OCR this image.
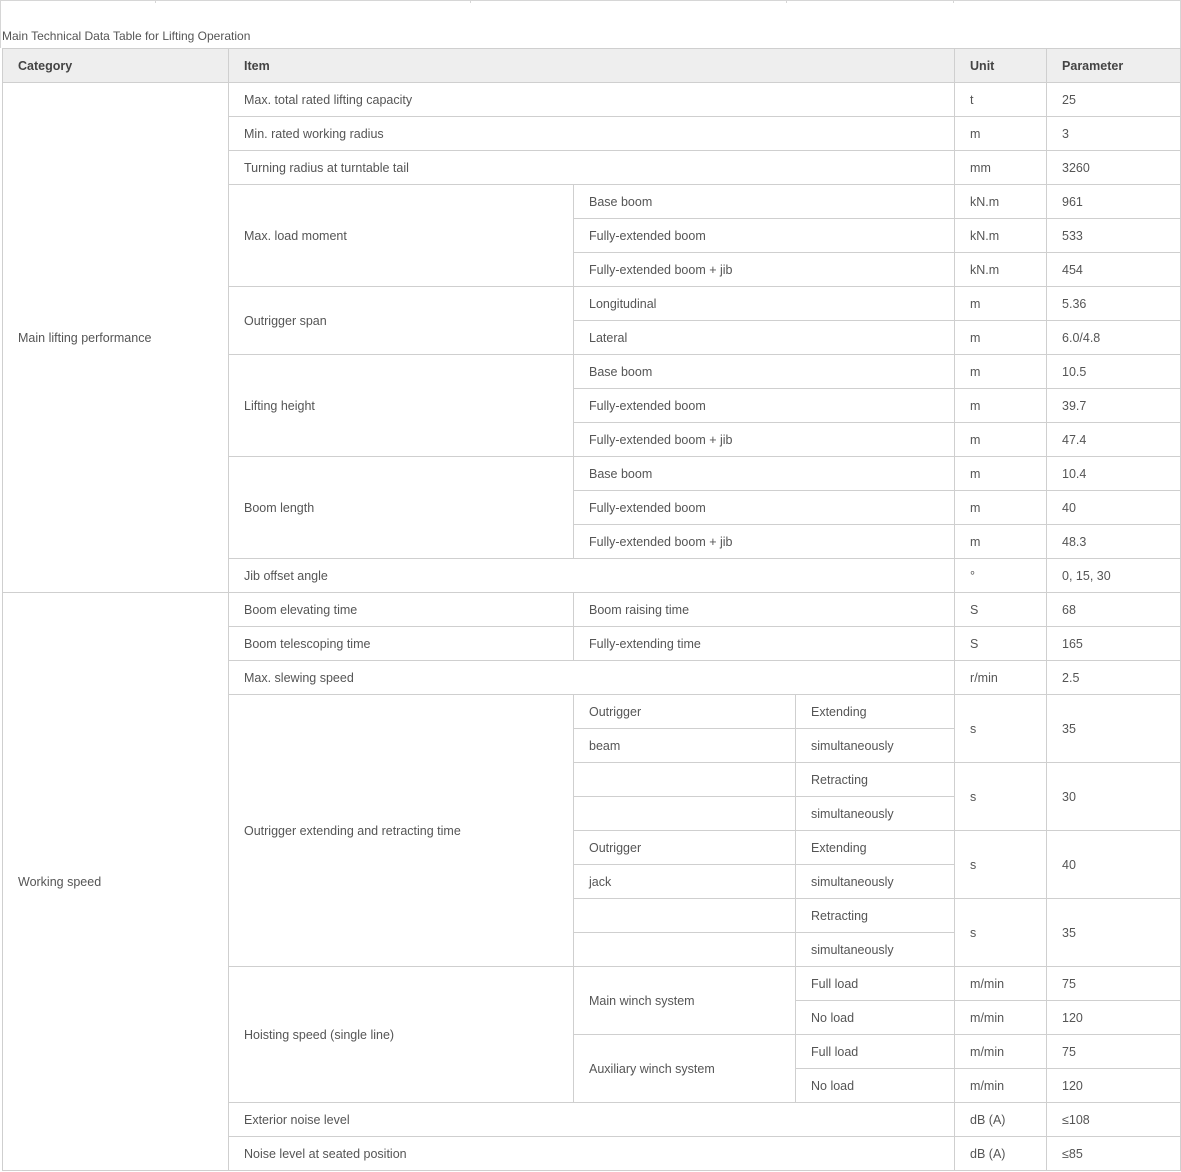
Main Technical Data Table for Lifting Operation
Category	Item			Unit	Parameter
Main lifting performance	Max. total rated lifting capacity			t	25
	Min. rated working radius			m	3
	Turning radius at turntable tail			mm	3260
	Max. load moment	Base boom		kN.m	961
		Fully-extended boom		kN.m	533
		Fully-extended boom + jib		kN.m	454
	Outrigger span	Longitudinal		m	5.36
		Lateral		m	6.0/4.8
	Lifting height	Base boom		m	10.5
		Fully-extended boom		m	39.7
		Fully-extended boom + jib		m	47.4
	Boom length	Base boom		m	10.4
		Fully-extended boom		m	40
		Fully-extended boom + jib		m	48.3
	Jib offset angle			°	0, 15, 30
Working speed	Boom elevating time	Boom raising time		S	68
	Boom telescoping time	Fully-extending time		S	165
	Max. slewing speed			r/min	2.5
	Outrigger extending and retracting time	Outrigger	Extending	s	35
		beam	simultaneously		
			Retracting	s	30
			simultaneously		
		Outrigger	Extending	s	40
		jack	simultaneously		
			Retracting	s	35
			simultaneously		
	Hoisting speed (single line)	Main winch system	Full load	m/min	75
			No load	m/min	120
		Auxiliary winch system	Full load	m/min	75
			No load	m/min	120
	Exterior noise level			dB (A)	≤108
	Noise level at seated position			dB (A)	≤85
